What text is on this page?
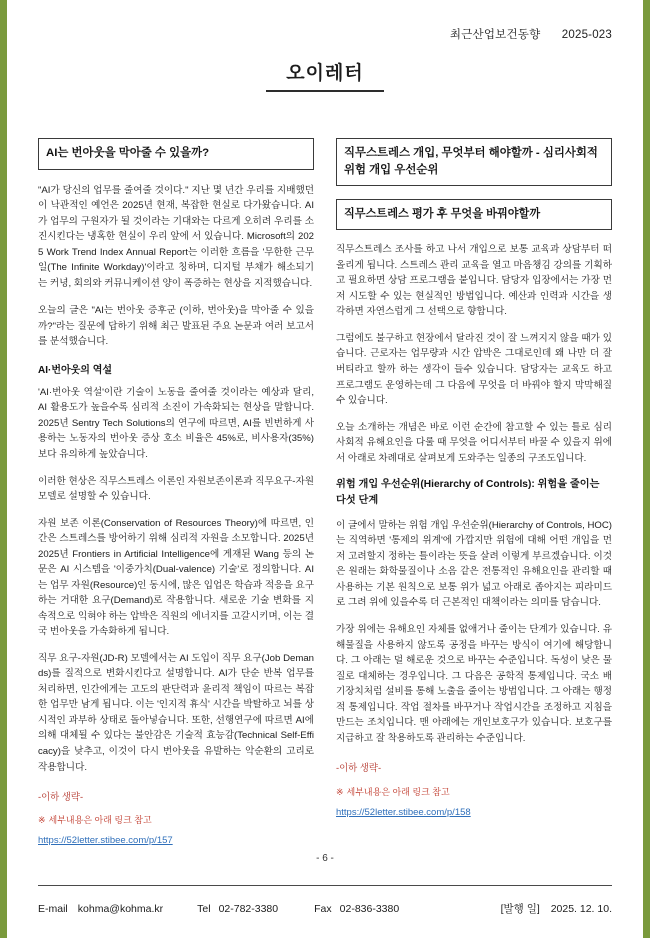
최근산업보건동향 2025-023
오이레터
AI는 번아웃을 막아줄 수 있을까?

"AI가 당신의 업무를 줄여줄 것이다." 지난 몇 년간 우리를 지배했던 이 낙관적인 예언은 2025년 현재, 복잡한 현실로 다가왔습니다. AI가 업무의 구원자가 될 것이라는 기대와는 다르게 오히려 우리를 소진시킨다는 냉혹한 현실이 우리 앞에 서 있습니다. Microsoft의 2025 Work Trend Index Annual Report는 이러한 흐름을 '무한한 근무일(The Infinite Workday)'이라고 칭하며, 디지털 부채가 해소되기는 커녕, 회의와 커뮤니케이션 양이 폭증하는 현상을 지적했습니다.

오늘의 글은 "AI는 번아웃 증후군 (이하, 번아웃)을 막아줄 수 있을까?"라는 질문에 답하기 위해 최근 발표된 주요 논문과 여러 보고서를 분석했습니다.

AI·번아웃의 역설

'AI·번아웃 역설'이란 기술이 노동을 줄여줄 것이라는 예상과 달리, AI 활용도가 높을수록 심리적 소진이 가속화되는 현상을 말합니다. 2025년 Sentry Tech Solutions의 연구에 따르면, AI를 빈번하게 사용하는 노동자의 번아웃 증상 호소 비율은 45%로, 비사용자(35%)보다 유의하게 높았습니다.

이러한 현상은 직무스트레스 이론인 자원보존이론과 직무요구-자원 모델로 설명할 수 있습니다.

자원 보존 이론(Conservation of Resources Theory)에 따르면, 인간은 스트레스를 방어하기 위해 심리적 자원을 소모합니다. 2025년 2025년 Frontiers in Artificial Intelligence에 게재된 Wang 등의 논문은 AI 시스템을 '이중가치(Dual-valence) 기술'로 정의합니다. AI는 업무 자원(Resource)인 동시에, 많은 입업은 학습과 적응을 요구하는 거대한 요구(Demand)로 작용합니다. 새로운 기술 변화를 지속적으로 익혀야 하는 압박은 직원의 에너지를 고갈시키며, 이는 결국 번아웃을 가속화하게 됩니다.

직무 요구-자원(JD-R) 모델에서는 AI 도입이 직무 요구(Job Demands)를 질적으로 변화시킨다고 설명합니다. AI가 단순 반복 업무를 처리하면, 인간에게는 고도의 판단력과 윤리적 책임이 따르는 복잡한 업무만 남게 됩니다. 이는 '인지적 휴식' 시간을 박탈하고 뇌를 상시적인 과부하 상태로 돌아넣습니다. 또한, 선행연구에 따르면 AI에 의해 대체될 수 있다는 불안감은 기술적 효능감(Technical Self-Efficacy)을 낮추고, 이것이 다시 번아웃을 유발하는 악순환의 고리로 작용합니다.

-이하 생략-

※ 세부내용은 아래 링크 참고

https://52letter.stibee.com/p/157
직무스트레스 개입, 무엇부터 해야할까 - 심리사회적 위험 개입 우선순위
직무스트레스 평가 후 무엇을 바꿔야할까

직무스트레스 조사를 하고 나서 개입으로 보통 교육과 상담부터 떠올리게 됩니다. 스트레스 관리 교육을 열고 마음챙김 강의를 기획하고 필요하면 상담 프로그램을 붙입니다. 담당자 입장에서는 가장 먼저 시도할 수 있는 현실적인 방법입니다. 예산과 인력과 시간을 생각하면 자연스럽게 그 선택으로 향합니다.

그럼에도 불구하고 현장에서 달라진 것이 잘 느껴지지 않을 때가 있습니다. 근로자는 업무량과 시간 압박은 그대로인데 왜 나만 더 잘 버티라고 할까 하는 생각이 들수 있습니다. 담당자는 교육도 하고 프로그램도 운영하는데 그 다음에 무엇을 더 바꿔야 할지 막막해질 수 있습니다.

오늘 소개하는 개념은 바로 이런 순간에 참고할 수 있는 틀로 심리사회적 유해요인을 다룰 때 무엇을 어디서부터 바꿀 수 있을지 위에서 아래로 차례대로 살펴보게 도와주는 일종의 구조도입니다.

위험 개입 우선순위(Hierarchy of Controls): 위험을 줄이는 다섯 단계

이 글에서 말하는 위험 개입 우선순위(Hierarchy of Controls, HOC)는 직역하면 '통제의 위계'에 가깝지만 위험에 대해 어떤 개입을 먼저 고려할지 정하는 틀이라는 뜻을 살려 이렇게 부르겠습니다. 이것은 원래는 화학물질이나 소음 같은 전통적인 유해요인을 관리할 때 사용하는 기본 원칙으로 보통 위가 넓고 아래로 좁아지는 피라미드로 그려 위에 있을수록 더 근본적인 대책이라는 의미를 담습니다.

가장 위에는 유해요인 자체를 없애거나 줄이는 단계가 있습니다. 유해물질을 사용하지 않도록 공정을 바꾸는 방식이 여기에 해당합니다. 그 아래는 덜 해로운 것으로 바꾸는 수준입니다. 독성이 낮은 물질로 대체하는 경우입니다. 그 다음은 공학적 통제입니다. 국소 배기장치처럼 설비를 통해 노출을 줄이는 방법입니다. 그 아래는 행정적 통제입니다. 작업 절차를 바꾸거나 작업시간을 조정하고 지침을 만드는 조치입니다. 맨 아래에는 개인보호구가 있습니다. 보호구를 지급하고 잘 착용하도록 관리하는 수준입니다.

-이하 생략-

※ 세부내용은 아래 링크 참고

https://52letter.stibee.com/p/158
- 6 -
E-mail kohma@kohma.kr	Tel 02-782-3380	Fax 02-836-3380	[발행 일] 2025. 12. 10.
